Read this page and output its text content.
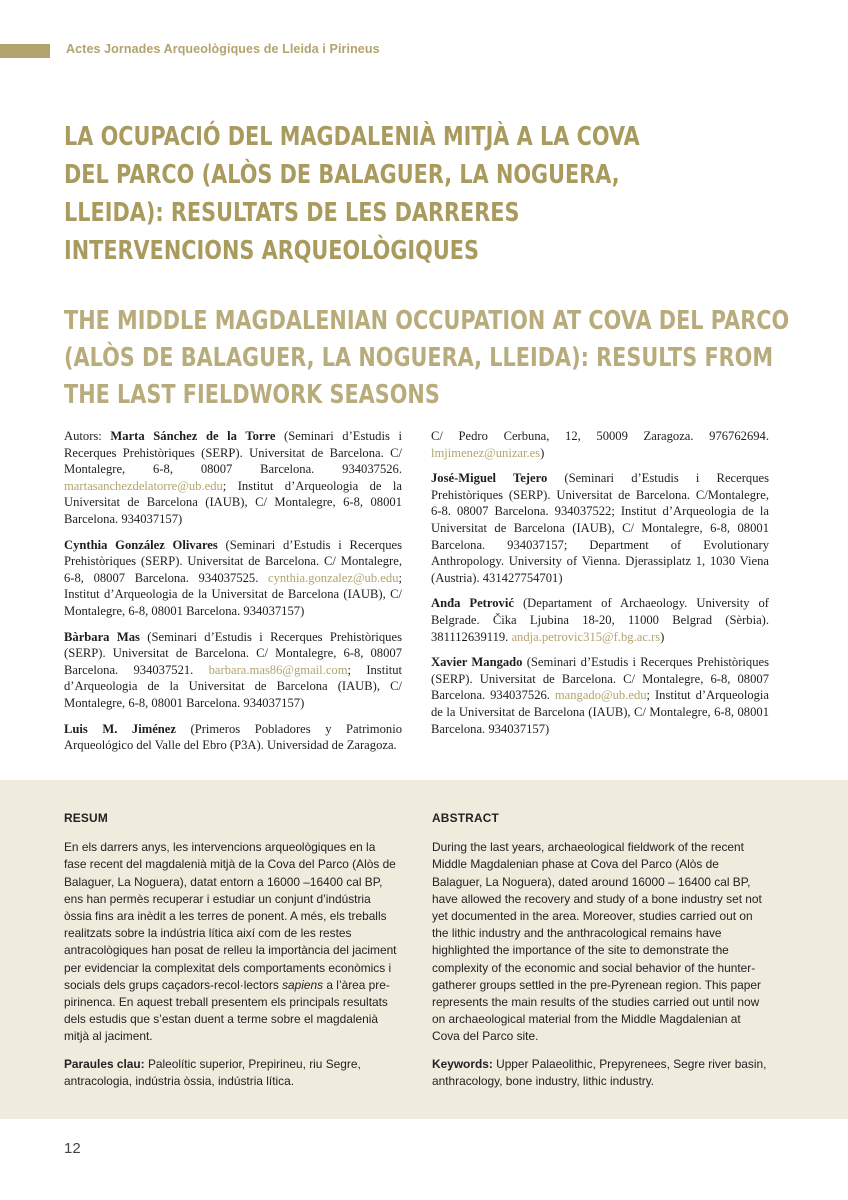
Actes Jornades Arqueològiques de Lleida i Pirineus
LA OCUPACIÓ DEL MAGDALENIÀ MITJÀ A LA COVA
DEL PARCO (ALÒS DE BALAGUER, LA NOGUERA,
LLEIDA): RESULTATS DE LES DARRERES
INTERVENCIONS ARQUEOLÒGIQUES
THE MIDDLE MAGDALENIAN OCCUPATION AT COVA DEL PARCO
(ALÒS DE BALAGUER, LA NOGUERA, LLEIDA): RESULTS FROM
THE LAST FIELDWORK SEASONS

Autors: Marta Sánchez de la Torre (Seminari d’Estudis i Recerques Prehistòriques (SERP). Universitat de Barcelona. C/ Montalegre, 6-8, 08007 Barcelona. 934037526. martasanchezdelatorre@ub.edu; Institut d’Arqueologia de la Universitat de Barcelona (IAUB), C/ Montalegre, 6-8, 08001 Barcelona. 934037157)

Cynthia González Olivares (Seminari d’Estudis i Recerques Prehistòriques (SERP). Universitat de Barcelona. C/ Montalegre, 6-8, 08007 Barcelona. 934037525. cynthia.gonzalez@ub.edu; Institut d’Arqueologia de la Universitat de Barcelona (IAUB), C/ Montalegre, 6-8, 08001 Barcelona. 934037157)

Bàrbara Mas (Seminari d’Estudis i Recerques Prehistòriques (SERP). Universitat de Barcelona. C/ Montalegre, 6-8, 08007 Barcelona. 934037521. barbara.mas86@gmail.com; Institut d’Arqueologia de la Universitat de Barcelona (IAUB), C/ Montalegre, 6-8, 08001 Barcelona. 934037157)

Luis M. Jiménez (Primeros Pobladores y Patrimonio Arqueológico del Valle del Ebro (P3A). Universidad de Zaragoza.

C/ Pedro Cerbuna, 12, 50009 Zaragoza. 976762694. lmjimenez@unizar.es)

José-Miguel Tejero (Seminari d’Estudis i Recerques Prehistòriques (SERP). Universitat de Barcelona. C/Montalegre, 6-8. 08007 Barcelona. 934037522; Institut d’Arqueologia de la Universitat de Barcelona (IAUB), C/ Montalegre, 6-8, 08001 Barcelona. 934037157; Department of Evolutionary Anthropology. University of Vienna. Djerassiplatz 1, 1030 Viena (Austria). 431427754701)

Anđa Petrović (Departament of Archaeology. University of Belgrade. Čika Ljubina 18-20, 11000 Belgrad (Sèrbia). 381112639119. andja.petrovic315@f.bg.ac.rs)

Xavier Mangado (Seminari d’Estudis i Recerques Prehistòriques (SERP). Universitat de Barcelona. C/ Montalegre, 6-8, 08007 Barcelona. 934037526. mangado@ub.edu; Institut d’Arqueologia de la Universitat de Barcelona (IAUB), C/ Montalegre, 6-8, 08001 Barcelona. 934037157)

RESUM

En els darrers anys, les intervencions arqueològiques en la fase recent del magdalenià mitjà de la Cova del Parco (Alòs de Balaguer, La Noguera), datat entorn a 16000 –16400 cal BP, ens han permès recuperar i estudiar un conjunt d’indústria òssia fins ara inèdit a les terres de ponent. A més, els treballs realitzats sobre la indústria lítica així com de les restes antracològiques han posat de relleu la importància del jaciment per evidenciar la complexitat dels comportaments econòmics i socials dels grups caçadors-recol·lectors sapiens a l’àrea pre-pirinenca. En aquest treball presentem els principals resultats dels estudis que s’estan duent a terme sobre el magdalenià mitjà al jaciment.

Paraules clau: Paleolític superior, Prepirineu, riu Segre, antracologia, indústria òssia, indústria lítica.

ABSTRACT

During the last years, archaeological fieldwork of the recent Middle Magdalenian phase at Cova del Parco (Alòs de Balaguer, La Noguera), dated around 16000 – 16400 cal BP, have allowed the recovery and study of a bone industry set not yet documented in the area. Moreover, studies carried out on the lithic industry and the anthracological remains have highlighted the importance of the site to demonstrate the complexity of the economic and social behavior of the hunter-gatherer groups settled in the pre-Pyrenean region. This paper represents the main results of the studies carried out until now on archaeological material from the Middle Magdalenian at Cova del Parco site.

Keywords: Upper Palaeolithic, Prepyrenees, Segre river basin, anthracology, bone industry, lithic industry.

12
